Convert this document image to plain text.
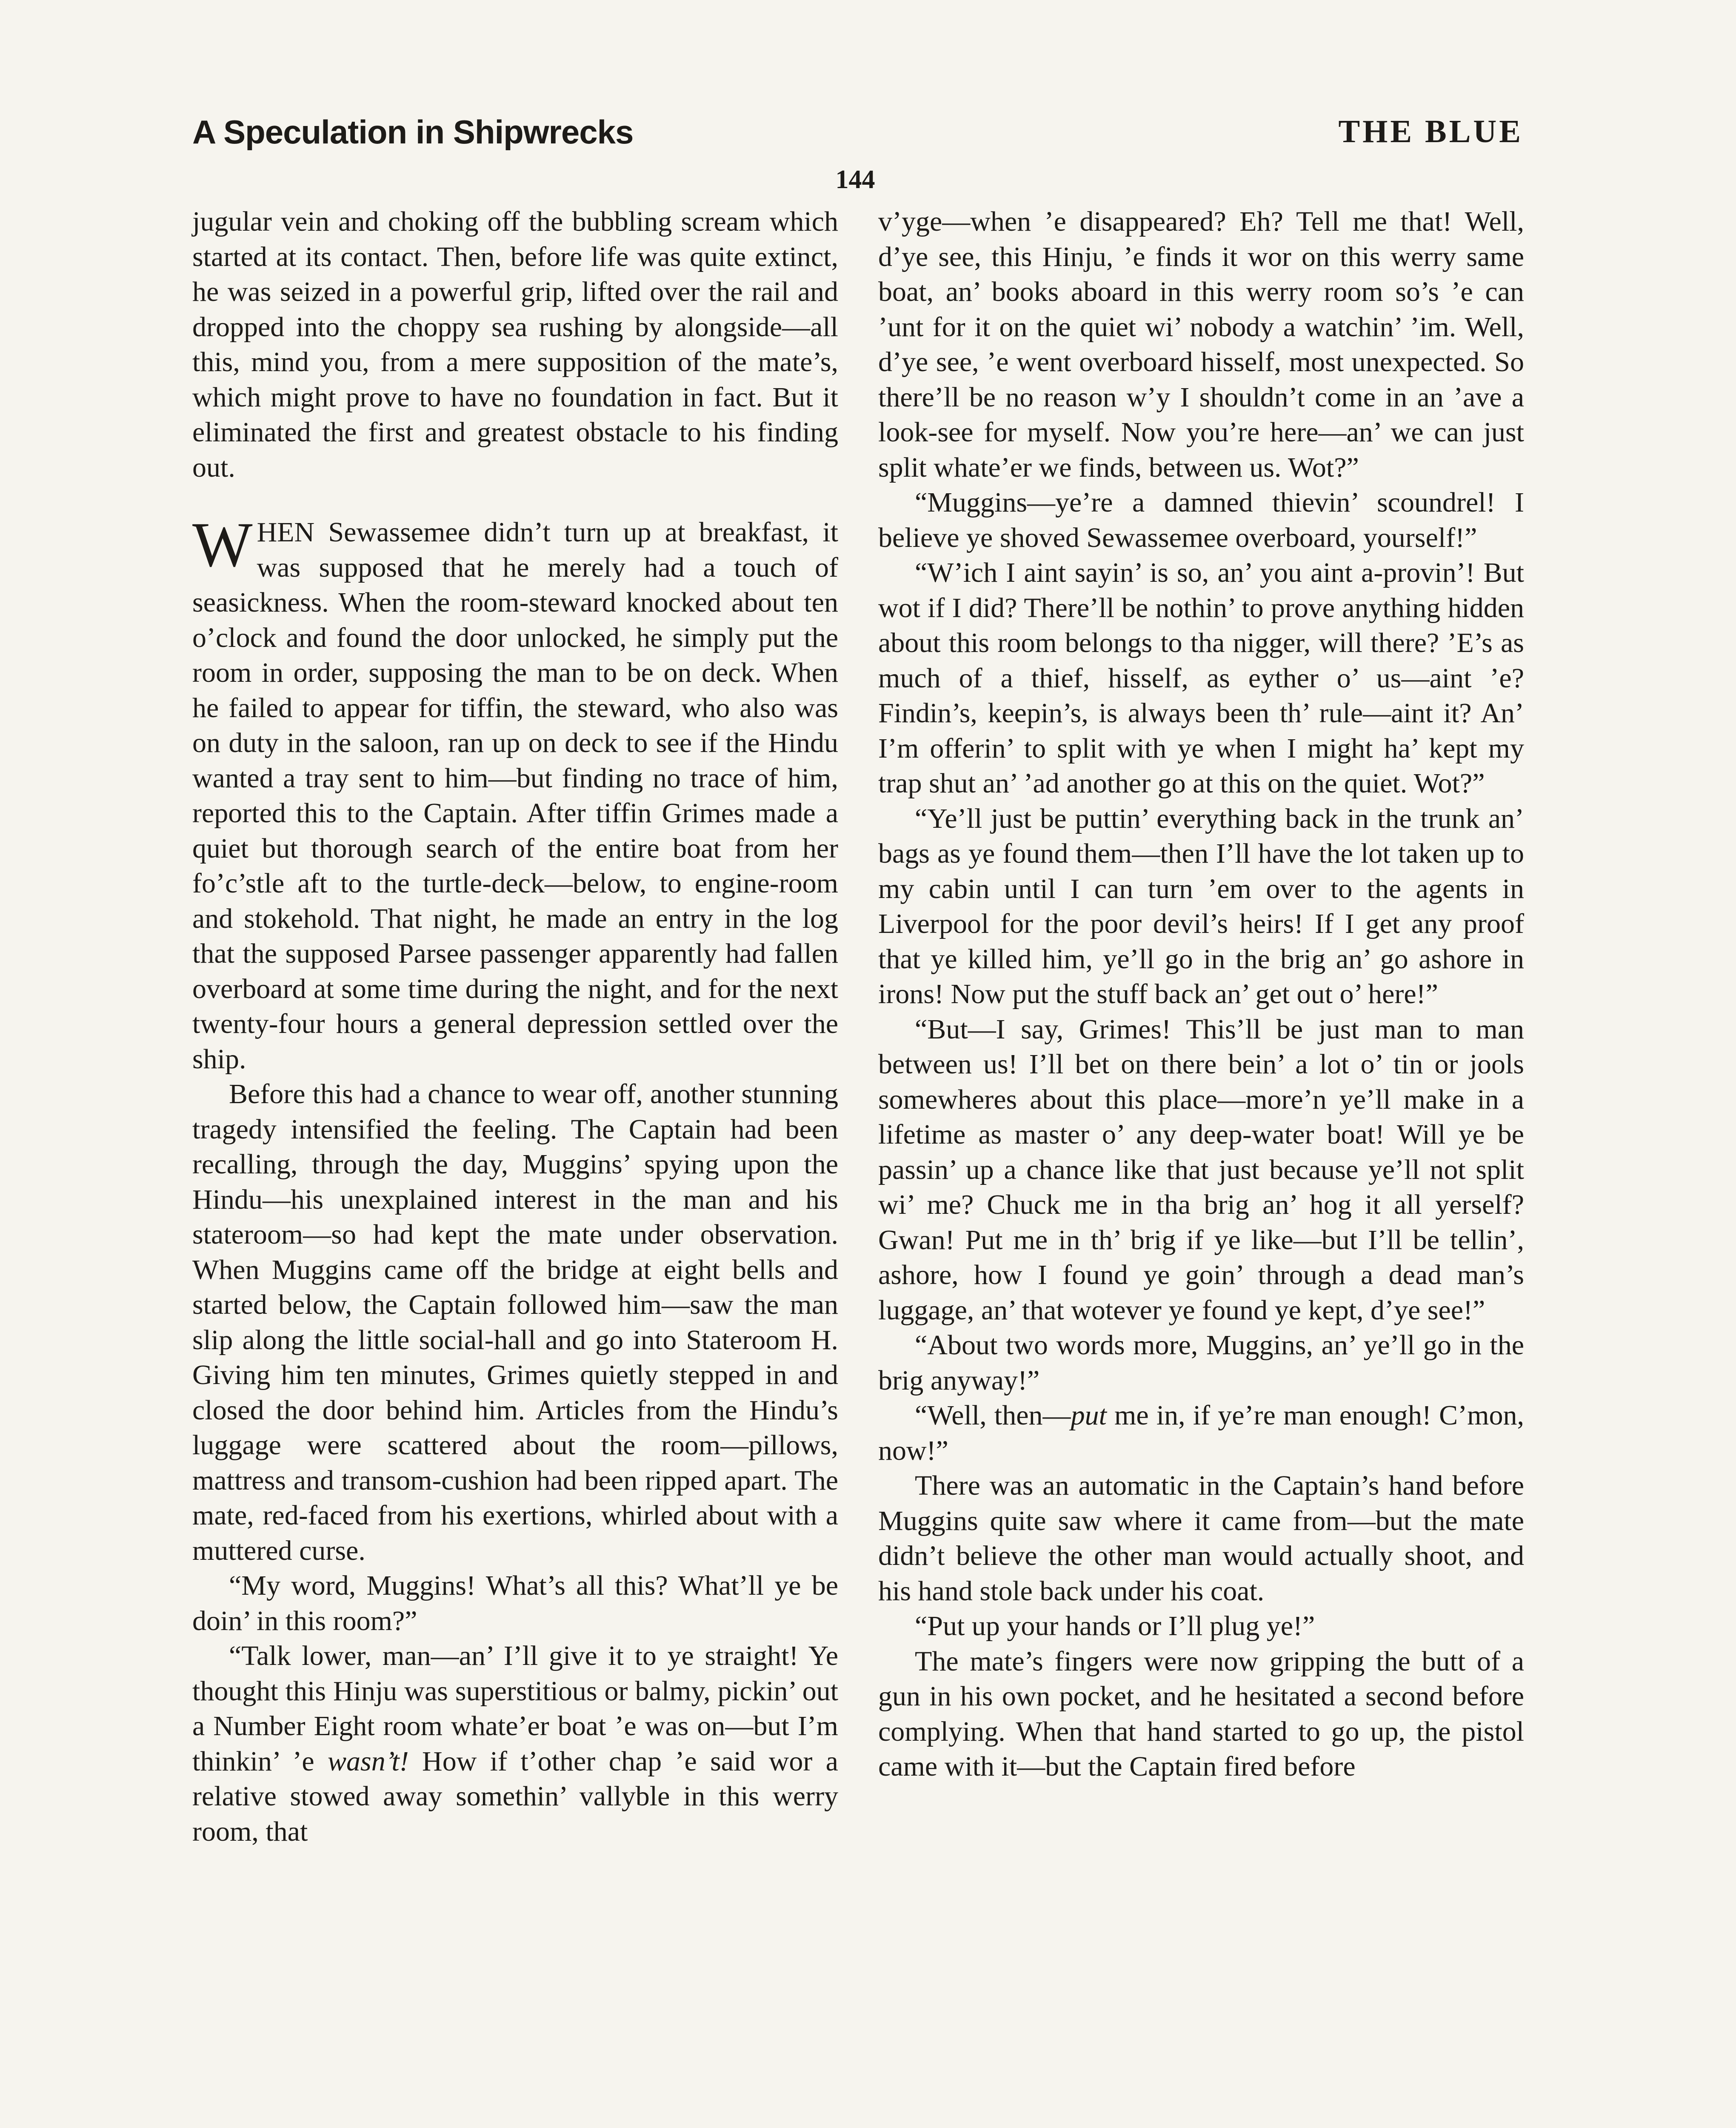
A Speculation in Shipwrecks	THE BLUE
144

jugular vein and choking off the bubbling scream which started at its contact. Then, before life was quite extinct, he was seized in a powerful grip, lifted over the rail and dropped into the choppy sea rushing by alongside—all this, mind you, from a mere supposition of the mate’s, which might prove to have no foundation in fact. But it eliminated the first and greatest obstacle to his finding out.

WHEN Sewassemee didn’t turn up at breakfast, it was supposed that he merely had a touch of seasickness. When the room-steward knocked about ten o’clock and found the door unlocked, he simply put the room in order, supposing the man to be on deck. When he failed to appear for tiffin, the steward, who also was on duty in the saloon, ran up on deck to see if the Hindu wanted a tray sent to him—but finding no trace of him, reported this to the Captain. After tiffin Grimes made a quiet but thorough search of the entire boat from her fo’c’stle aft to the turtle-deck—below, to engine-room and stokehold. That night, he made an entry in the log that the supposed Parsee passenger apparently had fallen overboard at some time during the night, and for the next twenty-four hours a general depression settled over the ship.

Before this had a chance to wear off, another stunning tragedy intensified the feeling. The Captain had been recalling, through the day, Muggins’ spying upon the Hindu—his unexplained interest in the man and his stateroom—so had kept the mate under observation. When Muggins came off the bridge at eight bells and started below, the Captain followed him—saw the man slip along the little social-hall and go into Stateroom H. Giving him ten minutes, Grimes quietly stepped in and closed the door behind him. Articles from the Hindu’s luggage were scattered about the room—pillows, mattress and transom-cushion had been ripped apart. The mate, red-faced from his exertions, whirled about with a muttered curse.

“My word, Muggins! What’s all this? What’ll ye be doin’ in this room?”

“Talk lower, man—an’ I’ll give it to ye straight! Ye thought this Hinju was superstitious or balmy, pickin’ out a Number Eight room whate’er boat ’e was on—but I’m thinkin’ ’e wasn’t! How if t’other chap ’e said wor a relative stowed away somethin’ vallyble in this werry room, that

v’yge—when ’e disappeared? Eh? Tell me that! Well, d’ye see, this Hinju, ’e finds it wor on this werry same boat, an’ books aboard in this werry room so’s ’e can ’unt for it on the quiet wi’ nobody a watchin’ ’im. Well, d’ye see, ’e went overboard hisself, most unexpected. So there’ll be no reason w’y I shouldn’t come in an ’ave a look-see for myself. Now you’re here—an’ we can just split whate’er we finds, between us. Wot?”

“Muggins—ye’re a damned thievin’ scoundrel! I believe ye shoved Sewassemee overboard, yourself!”

“W’ich I aint sayin’ is so, an’ you aint a-provin’! But wot if I did? There’ll be nothin’ to prove anything hidden about this room belongs to tha nigger, will there? ’E’s as much of a thief, hisself, as eyther o’ us—aint ’e? Findin’s, keepin’s, is always been th’ rule—aint it? An’ I’m offerin’ to split with ye when I might ha’ kept my trap shut an’ ’ad another go at this on the quiet. Wot?”

“Ye’ll just be puttin’ everything back in the trunk an’ bags as ye found them—then I’ll have the lot taken up to my cabin until I can turn ’em over to the agents in Liverpool for the poor devil’s heirs! If I get any proof that ye killed him, ye’ll go in the brig an’ go ashore in irons! Now put the stuff back an’ get out o’ here!”

“But—I say, Grimes! This’ll be just man to man between us! I’ll bet on there bein’ a lot o’ tin or jools somewheres about this place—more’n ye’ll make in a lifetime as master o’ any deep-water boat! Will ye be passin’ up a chance like that just because ye’ll not split wi’ me? Chuck me in tha brig an’ hog it all yerself? Gwan! Put me in th’ brig if ye like—but I’ll be tellin’, ashore, how I found ye goin’ through a dead man’s luggage, an’ that wotever ye found ye kept, d’ye see!”

“About two words more, Muggins, an’ ye’ll go in the brig anyway!”

“Well, then—put me in, if ye’re man enough! C’mon, now!”

There was an automatic in the Captain’s hand before Muggins quite saw where it came from—but the mate didn’t believe the other man would actually shoot, and his hand stole back under his coat.

“Put up your hands or I’ll plug ye!”

The mate’s fingers were now gripping the butt of a gun in his own pocket, and he hesitated a second before complying. When that hand started to go up, the pistol came with it—but the Captain fired before
